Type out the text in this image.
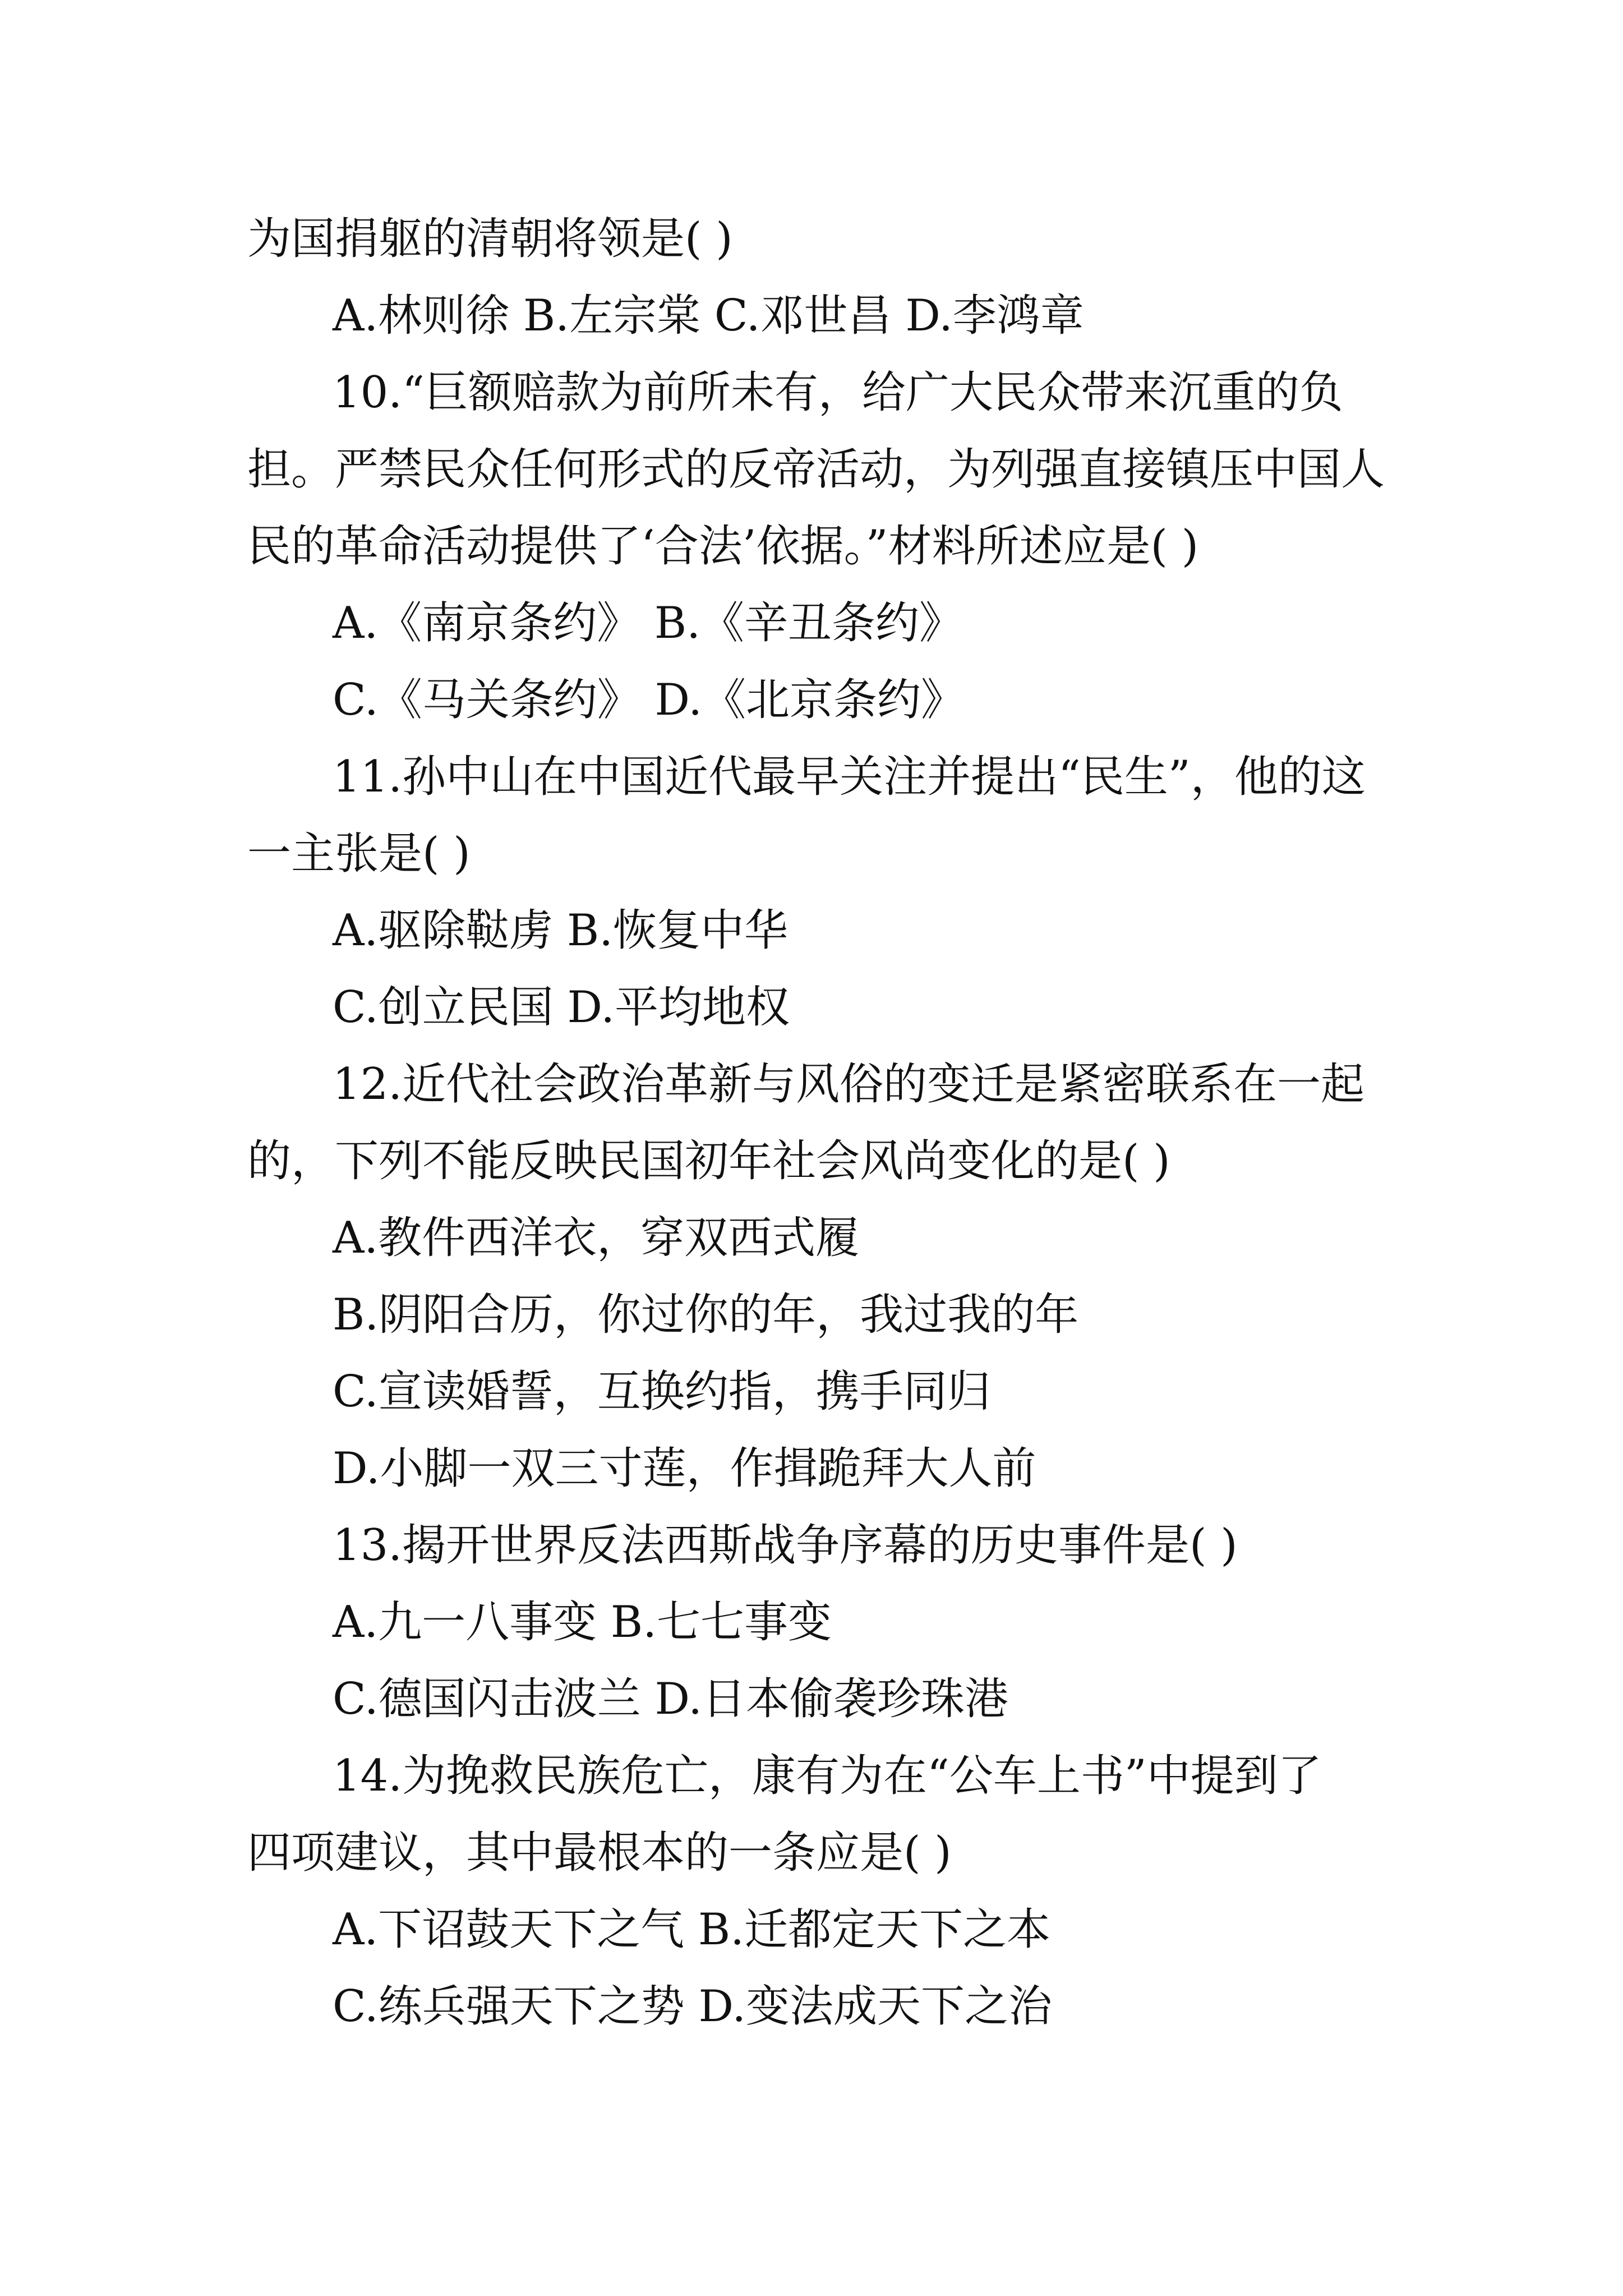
为国捐躯的清朝将领是( )
A.林则徐 B.左宗棠 C.邓世昌 D.李鸿章
10.“巨额赔款为前所未有，给广大民众带来沉重的负
担。严禁民众任何形式的反帝活动，为列强直接镇压中国人
民的革命活动提供了‘合法’依据。”材料所述应是( )
A.《南京条约》 B.《辛丑条约》
C.《马关条约》 D.《北京条约》
11.孙中山在中国近代最早关注并提出“民生”，他的这
一主张是( )
A.驱除鞑虏 B.恢复中华
C.创立民国 D.平均地权
12.近代社会政治革新与风俗的变迁是紧密联系在一起
的，下列不能反映民国初年社会风尚变化的是( )
A.教件西洋衣，穿双西式履
B.阴阳合历，你过你的年，我过我的年
C.宣读婚誓，互换约指，携手同归
D.小脚一双三寸莲，作揖跪拜大人前
13.揭开世界反法西斯战争序幕的历史事件是( )
A.九一八事变 B.七七事变
C.德国闪击波兰 D.日本偷袭珍珠港
14.为挽救民族危亡，康有为在“公车上书”中提到了
四项建议，其中最根本的一条应是( )
A.下诏鼓天下之气 B.迁都定天下之本
C.练兵强天下之势 D.变法成天下之治
